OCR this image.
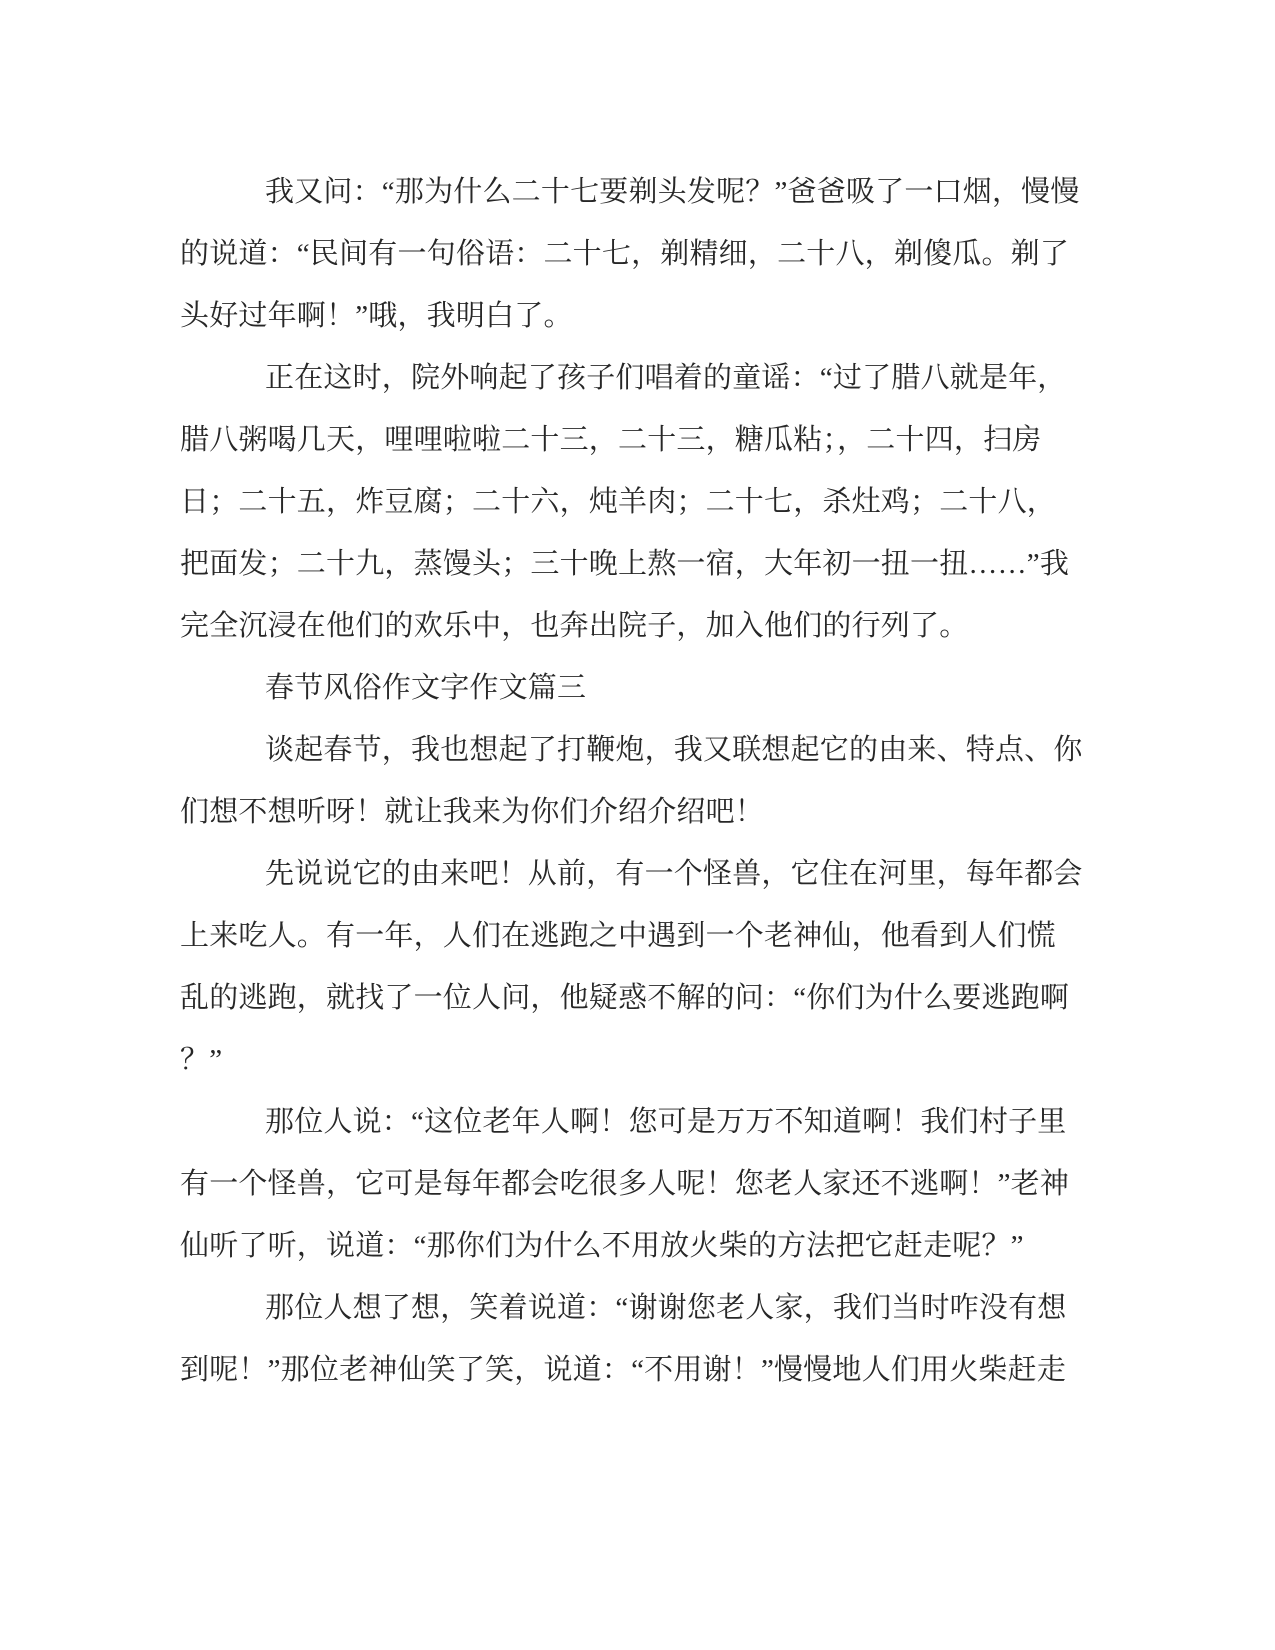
我又问：“那为什么二十七要剃头发呢？”爸爸吸了一口烟，慢慢
的说道：“民间有一句俗语：二十七，剃精细，二十八，剃傻瓜。剃了
头好过年啊！”哦，我明白了。
正在这时，院外响起了孩子们唱着的童谣：“过了腊八就是年，
腊八粥喝几天，哩哩啦啦二十三，二十三，糖瓜粘；，二十四，扫房
日；二十五，炸豆腐；二十六，炖羊肉；二十七，杀灶鸡；二十八，
把面发；二十九，蒸馒头；三十晚上熬一宿，大年初一扭一扭……”我
完全沉浸在他们的欢乐中，也奔出院子，加入他们的行列了。
春节风俗作文字作文篇三
谈起春节，我也想起了打鞭炮，我又联想起它的由来、特点、你
们想不想听呀！就让我来为你们介绍介绍吧！
先说说它的由来吧！从前，有一个怪兽，它住在河里，每年都会
上来吃人。有一年，人们在逃跑之中遇到一个老神仙，他看到人们慌
乱的逃跑，就找了一位人问，他疑惑不解的问：“你们为什么要逃跑啊
？”
那位人说：“这位老年人啊！您可是万万不知道啊！我们村子里
有一个怪兽，它可是每年都会吃很多人呢！您老人家还不逃啊！”老神
仙听了听，说道：“那你们为什么不用放火柴的方法把它赶走呢？”
那位人想了想，笑着说道：“谢谢您老人家，我们当时咋没有想
到呢！”那位老神仙笑了笑，说道：“不用谢！”慢慢地人们用火柴赶走
